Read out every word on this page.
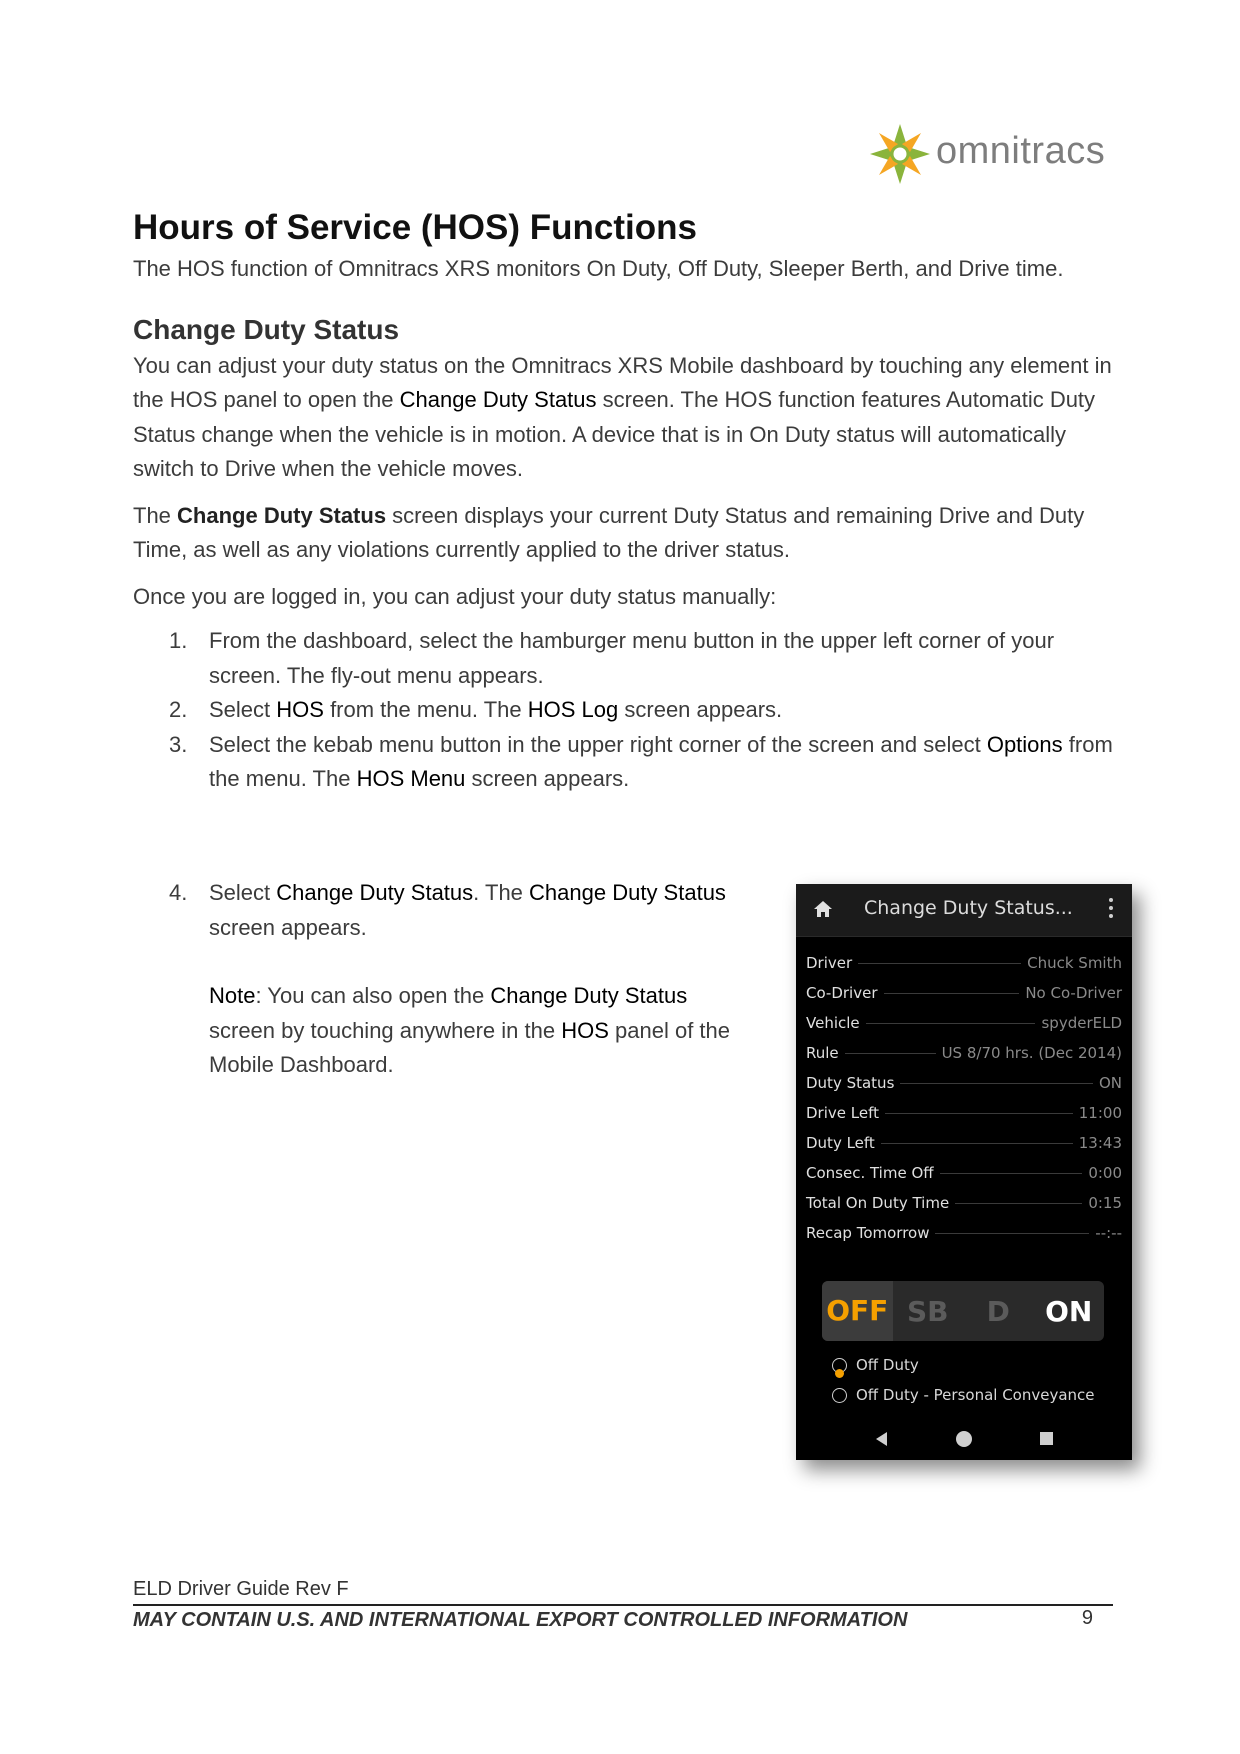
omnitracs
Hours of Service (HOS) Functions

The HOS function of Omnitracs XRS monitors On Duty, Off Duty, Sleeper Berth, and Drive time.

Change Duty Status

You can adjust your duty status on the Omnitracs XRS Mobile dashboard by touching any element in the HOS panel to open the Change Duty Status screen. The HOS function features Automatic Duty Status change when the vehicle is in motion. A device that is in On Duty status will automatically switch to Drive when the vehicle moves.

The Change Duty Status screen displays your current Duty Status and remaining Drive and Duty Time, as well as any violations currently applied to the driver status.

Once you are logged in, you can adjust your duty status manually:

1. From the dashboard, select the hamburger menu button in the upper left corner of your screen. The fly-out menu appears.
2. Select HOS from the menu. The HOS Log screen appears.
3. Select the kebab menu button in the upper right corner of the screen and select Options from the menu. The HOS Menu screen appears.
4. Select Change Duty Status. The Change Duty Status screen appears.
Note: You can also open the Change Duty Status screen by touching anywhere in the HOS panel of the Mobile Dashboard.
Change Duty Status...
Driver	Chuck Smith
Co-Driver	No Co-Driver
Vehicle	spyderELD
Rule	US 8/70 hrs. (Dec 2014)
Duty Status	ON
Drive Left	11:00
Duty Left	13:43
Consec. Time Off	0:00
Total On Duty Time	0:15
Recap Tomorrow	--:--
OFF SB	D	ON
Off Duty
Off Duty - Personal Conveyance
ELD Driver Guide Rev F
MAY CONTAIN U.S. AND INTERNATIONAL EXPORT CONTROLLED INFORMATION	9
